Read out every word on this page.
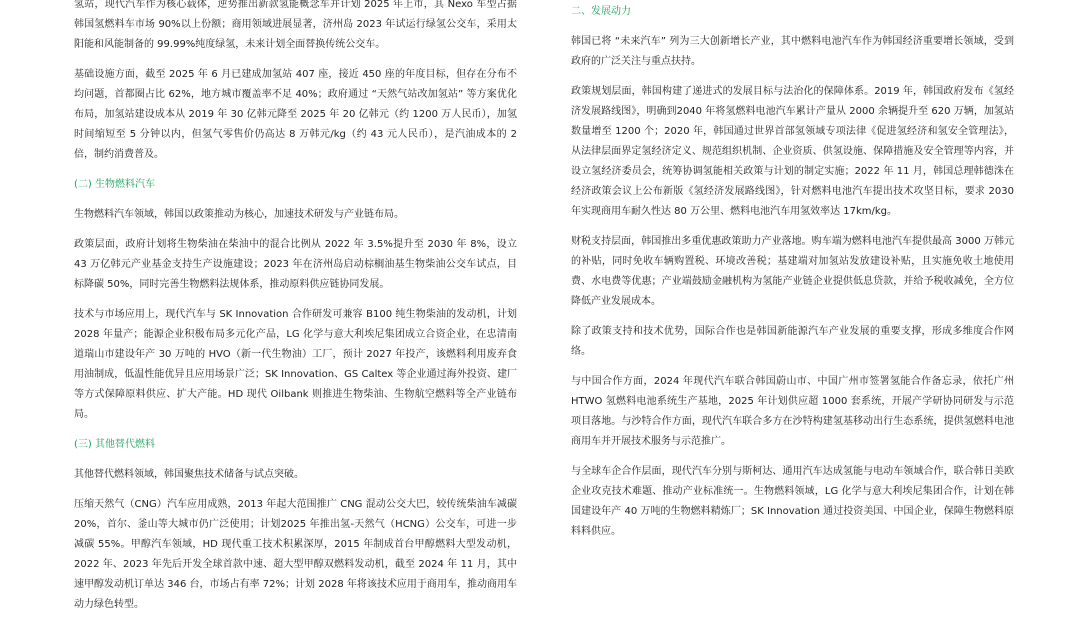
氢站，现代汽车作为核心载体，逆势推出新款氢能概念车并计划 2025 年上市，其 Nexo 车型占据韩国氢燃料车市场 90%以上份额；商用领域进展显著，济州岛 2023 年试运行绿氢公交车，采用太阳能和风能制备的 99.99%纯度绿氢，未来计划全面替换传统公交车。

基础设施方面，截至 2025 年 6 月已建成加氢站 407 座，接近 450 座的年度目标，但存在分布不均问题，首都圈占比 62%，地方城市覆盖率不足 40%；政府通过 “天然气站改加氢站” 等方案优化布局，加氢站建设成本从 2019 年 30 亿韩元降至 2025 年 20 亿韩元（约 1200 万人民币），加氢时间缩短至 5 分钟以内，但氢气零售价仍高达 8 万韩元/kg（约 43 元人民币），是汽油成本的 2 倍，制约消费普及。

(二) 生物燃料汽车

生物燃料汽车领域，韩国以政策推动为核心，加速技术研发与产业链布局。

政策层面，政府计划将生物柴油在柴油中的混合比例从 2022 年 3.5%提升至 2030 年 8%，设立 43 万亿韩元产业基金支持生产设施建设；2023 年在济州岛启动棕榈油基生物柴油公交车试点，目标降碳 50%，同时完善生物燃料法规体系，推动原料供应链协同发展。

技术与市场应用上，现代汽车与 SK Innovation 合作研发可兼容 B100 纯生物柴油的发动机，计划 2028 年量产；能源企业积极布局多元化产品，LG 化学与意大利埃尼集团成立合资企业，在忠清南道瑞山市建设年产 30 万吨的 HVO（新一代生物油）工厂，预计 2027 年投产，该燃料利用废弃食用油制成，低温性能优异且应用场景广泛；SK Innovation、GS Caltex 等企业通过海外投资、建厂等方式保障原料供应、扩大产能。HD 现代 Oilbank 则推进生物柴油、生物航空燃料等全产业链布局。

(三) 其他替代燃料

其他替代燃料领域，韩国聚焦技术储备与试点突破。

压缩天然气（CNG）汽车应用成熟，2013 年起大范围推广 CNG 混动公交大巴，较传统柴油车减碳 20%，首尔、釜山等大城市仍广泛使用；计划2025 年推出氢-天然气（HCNG）公交车，可进一步减碳 55%。甲醇汽车领域，HD 现代重工技术积累深厚，2015 年制成首台甲醇燃料大型发动机，2022 年、2023 年先后开发全球首款中速、超大型甲醇双燃料发动机，截至 2024 年 11 月，其中速甲醇发动机订单达 346 台，市场占有率 72%；计划 2028 年将该技术应用于商用车，推动商用车动力绿色转型。

二、发展动力

韩国已将 “未来汽车” 列为三大创新增长产业，其中燃料电池汽车作为韩国经济重要增长领域，受到政府的广泛关注与重点扶持。

政策规划层面，韩国构建了递进式的发展目标与法治化的保障体系。2019 年，韩国政府发布《氢经济发展路线图》，明确到2040 年将氢燃料电池汽车累计产量从 2000 余辆提升至 620 万辆，加氢站数量增至 1200 个；2020 年，韩国通过世界首部氢领域专项法律《促进氢经济和氢安全管理法》，从法律层面界定氢经济定义、规范组织机制、企业资质、供氢设施、保障措施及安全管理等内容，并设立氢经济委员会，统筹协调氢能相关政策与计划的制定实施；2022 年 11 月，韩国总理韩德洙在经济政策会议上公布新版《氢经济发展路线图》，针对燃料电池汽车提出技术攻坚目标，要求 2030 年实现商用车耐久性达 80 万公里、燃料电池汽车用氢效率达 17km/kg。

财税支持层面，韩国推出多重优惠政策助力产业落地。购车端为燃料电池汽车提供最高 3000 万韩元的补贴，同时免收车辆购置税、环境改善税；基建端对加氢站发放建设补贴，且实施免收土地使用费、水电费等优惠；产业端鼓励金融机构为氢能产业链企业提供低息贷款，并给予税收减免，全方位降低产业发展成本。

除了政策支持和技术优势，国际合作也是韩国新能源汽车产业发展的重要支撑，形成多维度合作网络。

与中国合作方面，2024 年现代汽车联合韩国蔚山市、中国广州市签署氢能合作备忘录，依托广州 HTWO 氢燃料电池系统生产基地，2025 年计划供应超 1000 套系统，开展产学研协同研发与示范项目落地。与沙特合作方面，现代汽车联合多方在沙特构建氢基移动出行生态系统，提供氢燃料电池商用车并开展技术服务与示范推广。

与全球车企合作层面，现代汽车分别与斯柯达、通用汽车达成氢能与电动车领域合作，联合韩日美欧企业攻克技术难题、推动产业标准统一。生物燃料领域，LG 化学与意大利埃尼集团合作，计划在韩国建设年产 40 万吨的生物燃料精炼厂；SK Innovation 通过投资美国、中国企业，保障生物燃料原料料供应。
